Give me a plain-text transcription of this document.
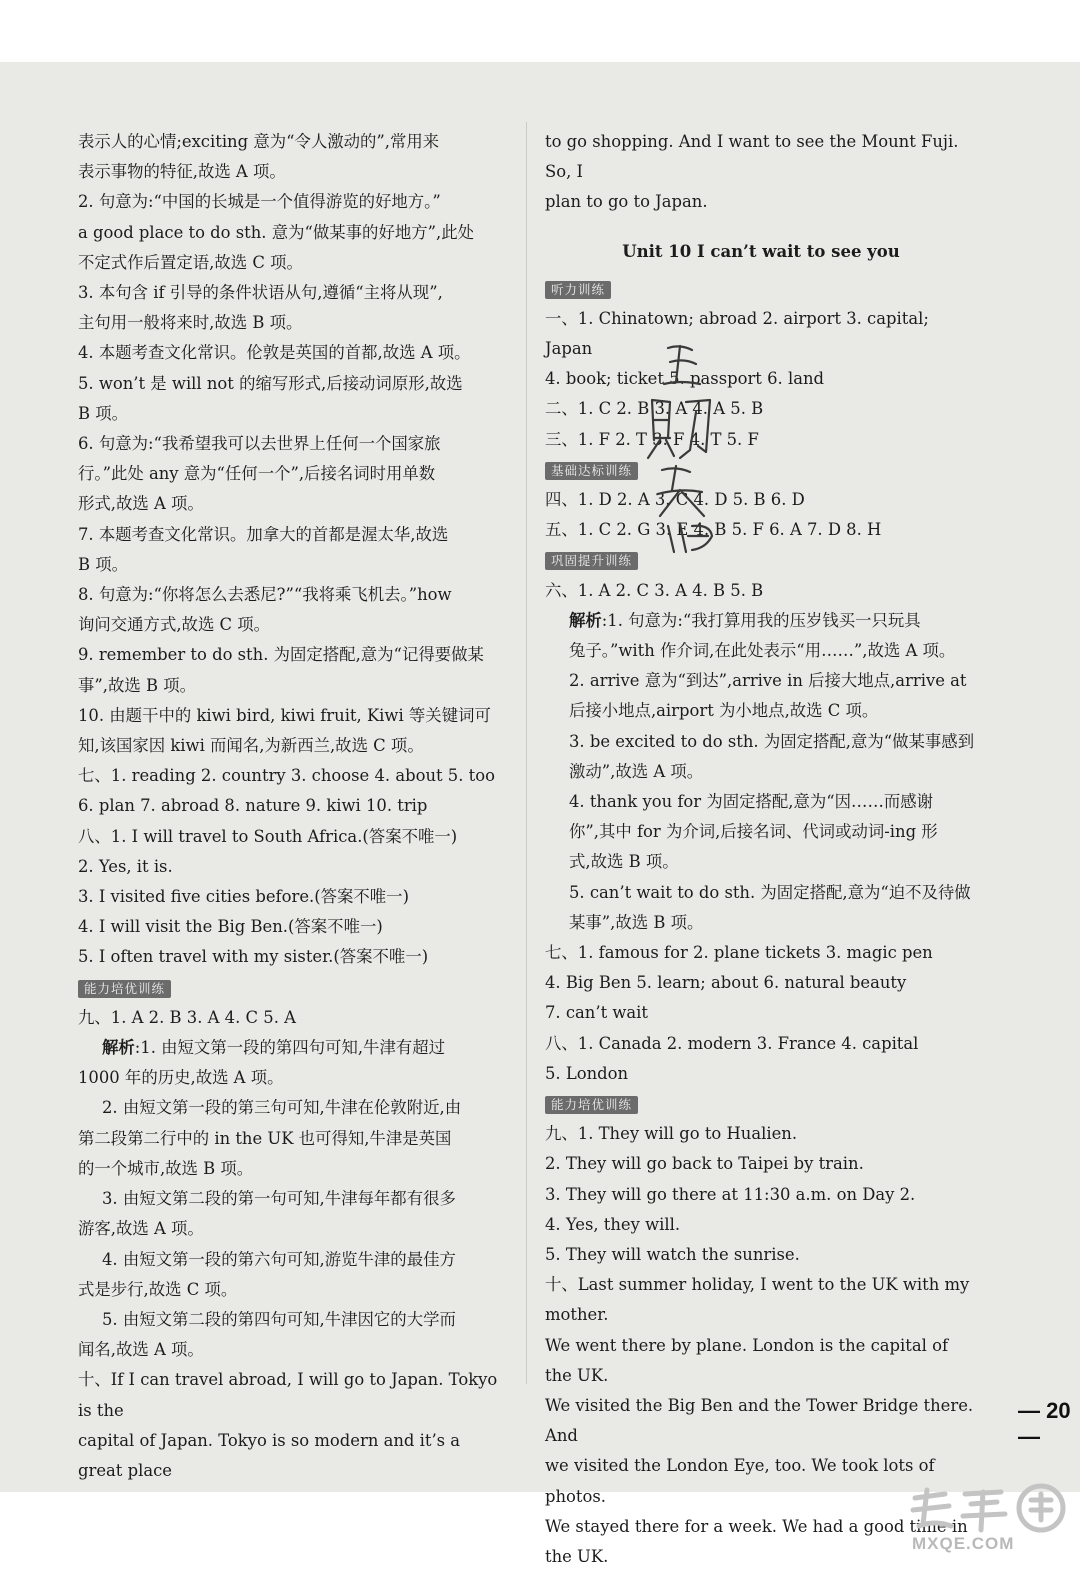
表示人的心情;exciting 意为“令人激动的”,常用来

表示事物的特征,故选 A 项。

2. 句意为:“中国的长城是一个值得游览的好地方。”

a good place to do sth. 意为“做某事的好地方”,此处

不定式作后置定语,故选 C 项。

3. 本句含 if 引导的条件状语从句,遵循“主将从现”,

主句用一般将来时,故选 B 项。

4. 本题考查文化常识。伦敦是英国的首都,故选 A 项。

5. won’t 是 will not 的缩写形式,后接动词原形,故选

B 项。

6. 句意为:“我希望我可以去世界上任何一个国家旅

行。”此处 any 意为“任何一个”,后接名词时用单数

形式,故选 A 项。

7. 本题考查文化常识。加拿大的首都是渥太华,故选

B 项。

8. 句意为:“你将怎么去悉尼?”“我将乘飞机去。”how

询问交通方式,故选 C 项。

9. remember to do sth. 为固定搭配,意为“记得要做某

事”,故选 B 项。

10. 由题干中的 kiwi bird, kiwi fruit, Kiwi 等关键词可

知,该国家因 kiwi 而闻名,为新西兰,故选 C 项。

七、1. reading 2. country 3. choose 4. about 5. too

6. plan 7. abroad 8. nature 9. kiwi 10. trip

八、1. I will travel to South Africa.(答案不唯一)

2. Yes, it is.

3. I visited five cities before.(答案不唯一)

4. I will visit the Big Ben.(答案不唯一)

5. I often travel with my sister.(答案不唯一)

能力培优训练

九、1. A 2. B 3. A 4. C 5. A

解析:1. 由短文第一段的第四句可知,牛津有超过

1000 年的历史,故选 A 项。

2. 由短文第一段的第三句可知,牛津在伦敦附近,由

第二段第二行中的 in the UK 也可得知,牛津是英国

的一个城市,故选 B 项。

3. 由短文第二段的第一句可知,牛津每年都有很多

游客,故选 A 项。

4. 由短文第一段的第六句可知,游览牛津的最佳方

式是步行,故选 C 项。

5. 由短文第二段的第四句可知,牛津因它的大学而

闻名,故选 A 项。

十、If I can travel abroad, I will go to Japan. Tokyo is the

capital of Japan. Tokyo is so modern and it’s a great place

to go shopping. And I want to see the Mount Fuji. So, I

plan to go to Japan.

Unit 10 I can’t wait to see you

听力训练

一、1. Chinatown; abroad 2. airport 3. capital; Japan

4. book; ticket 5. passport 6. land

二、1. C 2. B 3. A 4. A 5. B

三、1. F 2. T 3. F 4. T 5. F

基础达标训练

四、1. D 2. A 3. C 4. D 5. B 6. D

五、1. C 2. G 3. E 4. B 5. F 6. A 7. D 8. H

巩固提升训练

六、1. A 2. C 3. A 4. B 5. B

解析:1. 句意为:“我打算用我的压岁钱买一只玩具

兔子。”with 作介词,在此处表示“用……”,故选 A 项。

2. arrive 意为“到达”,arrive in 后接大地点,arrive at

后接小地点,airport 为小地点,故选 C 项。

3. be excited to do sth. 为固定搭配,意为“做某事感到

激动”,故选 A 项。

4. thank you for 为固定搭配,意为“因……而感谢

你”,其中 for 为介词,后接名词、代词或动词-ing 形

式,故选 B 项。

5. can’t wait to do sth. 为固定搭配,意为“迫不及待做

某事”,故选 B 项。

七、1. famous for 2. plane tickets 3. magic pen

4. Big Ben 5. learn; about 6. natural beauty

7. can’t wait

八、1. Canada 2. modern 3. France 4. capital

5. London

能力培优训练

九、1. They will go to Hualien.

2. They will go back to Taipei by train.

3. They will go there at 11:30 a.m. on Day 2.

4. Yes, they will.

5. They will watch the sunrise.

十、Last summer holiday, I went to the UK with my mother.

We went there by plane. London is the capital of the UK.

We visited the Big Ben and the Tower Bridge there. And

we visited the London Eye, too. We took lots of photos.

We stayed there for a week. We had a good time in the UK.

— 20 —
MXQE.COM
